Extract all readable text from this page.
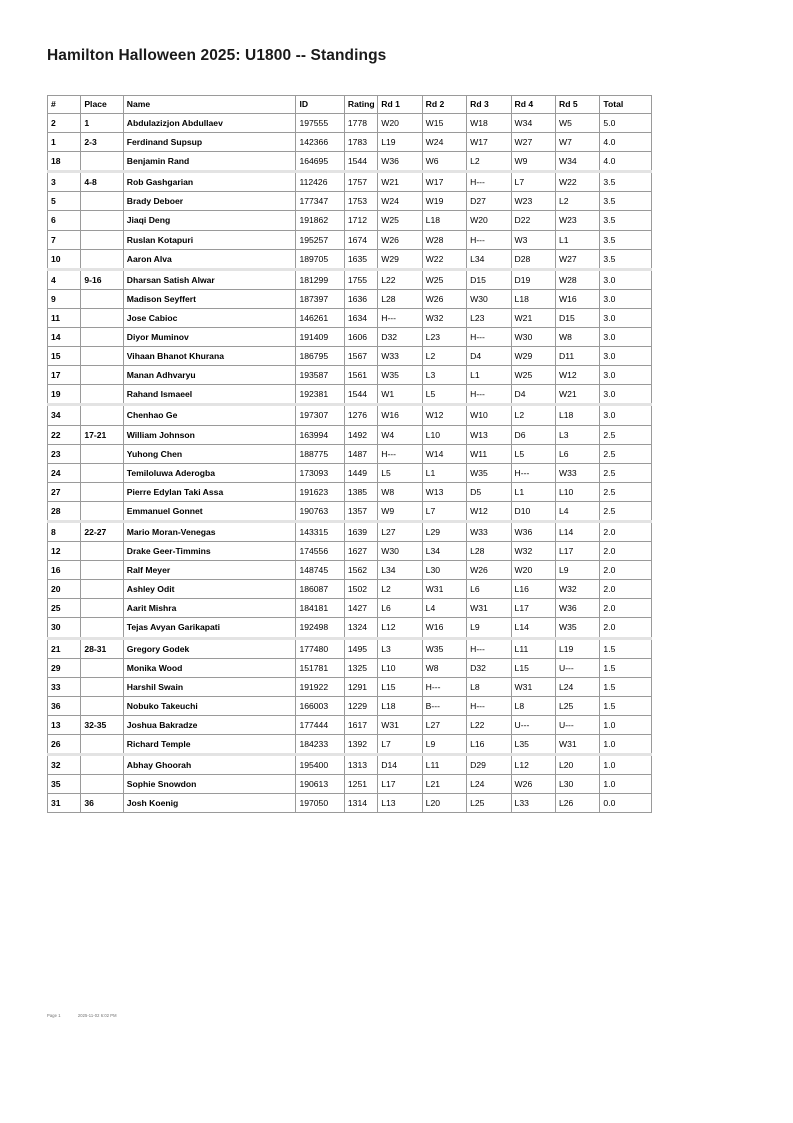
Hamilton Halloween 2025: U1800 -- Standings
#	Place	Name	ID	Rating	Rd 1	Rd 2	Rd 3	Rd 4	Rd 5	Total
2	1	Abdulazizjon Abdullaev	197555	1778	W20	W15	W18	W34	W5	5.0
1	2-3	Ferdinand Supsup	142366	1783	L19	W24	W17	W27	W7	4.0
18		Benjamin Rand	164695	1544	W36	W6	L2	W9	W34	4.0
3	4-8	Rob Gashgarian	112426	1757	W21	W17	H---	L7	W22	3.5
5		Brady Deboer	177347	1753	W24	W19	D27	W23	L2	3.5
6		Jiaqi Deng	191862	1712	W25	L18	W20	D22	W23	3.5
7		Ruslan Kotapuri	195257	1674	W26	W28	H---	W3	L1	3.5
10		Aaron Alva	189705	1635	W29	W22	L34	D28	W27	3.5
4	9-16	Dharsan Satish Alwar	181299	1755	L22	W25	D15	D19	W28	3.0
9		Madison Seyffert	187397	1636	L28	W26	W30	L18	W16	3.0
11		Jose Cabioc	146261	1634	H---	W32	L23	W21	D15	3.0
14		Diyor Muminov	191409	1606	D32	L23	H---	W30	W8	3.0
15		Vihaan Bhanot Khurana	186795	1567	W33	L2	D4	W29	D11	3.0
17		Manan Adhvaryu	193587	1561	W35	L3	L1	W25	W12	3.0
19		Rahand Ismaeel	192381	1544	W1	L5	H---	D4	W21	3.0
34		Chenhao Ge	197307	1276	W16	W12	W10	L2	L18	3.0
22	17-21	William Johnson	163994	1492	W4	L10	W13	D6	L3	2.5
23		Yuhong Chen	188775	1487	H---	W14	W11	L5	L6	2.5
24		Temiloluwa Aderogba	173093	1449	L5	L1	W35	H---	W33	2.5
27		Pierre Edylan Taki Assa	191623	1385	W8	W13	D5	L1	L10	2.5
28		Emmanuel Gonnet	190763	1357	W9	L7	W12	D10	L4	2.5
8	22-27	Mario Moran-Venegas	143315	1639	L27	L29	W33	W36	L14	2.0
12		Drake Geer-Timmins	174556	1627	W30	L34	L28	W32	L17	2.0
16		Ralf Meyer	148745	1562	L34	L30	W26	W20	L9	2.0
20		Ashley Odit	186087	1502	L2	W31	L6	L16	W32	2.0
25		Aarit Mishra	184181	1427	L6	L4	W31	L17	W36	2.0
30		Tejas Avyan Garikapati	192498	1324	L12	W16	L9	L14	W35	2.0
21	28-31	Gregory Godek	177480	1495	L3	W35	H---	L11	L19	1.5
29		Monika Wood	151781	1325	L10	W8	D32	L15	U---	1.5
33		Harshil Swain	191922	1291	L15	H---	L8	W31	L24	1.5
36		Nobuko Takeuchi	166003	1229	L18	B---	H---	L8	L25	1.5
13	32-35	Joshua Bakradze	177444	1617	W31	L27	L22	U---	U---	1.0
26		Richard Temple	184233	1392	L7	L9	L16	L35	W31	1.0
32		Abhay Ghoorah	195400	1313	D14	L11	D29	L12	L20	1.0
35		Sophie Snowdon	190613	1251	L17	L21	L24	W26	L30	1.0
31	36	Josh Koenig	197050	1314	L13	L20	L25	L33	L26	0.0
Page 1	2025-11-02 6:02 PM
